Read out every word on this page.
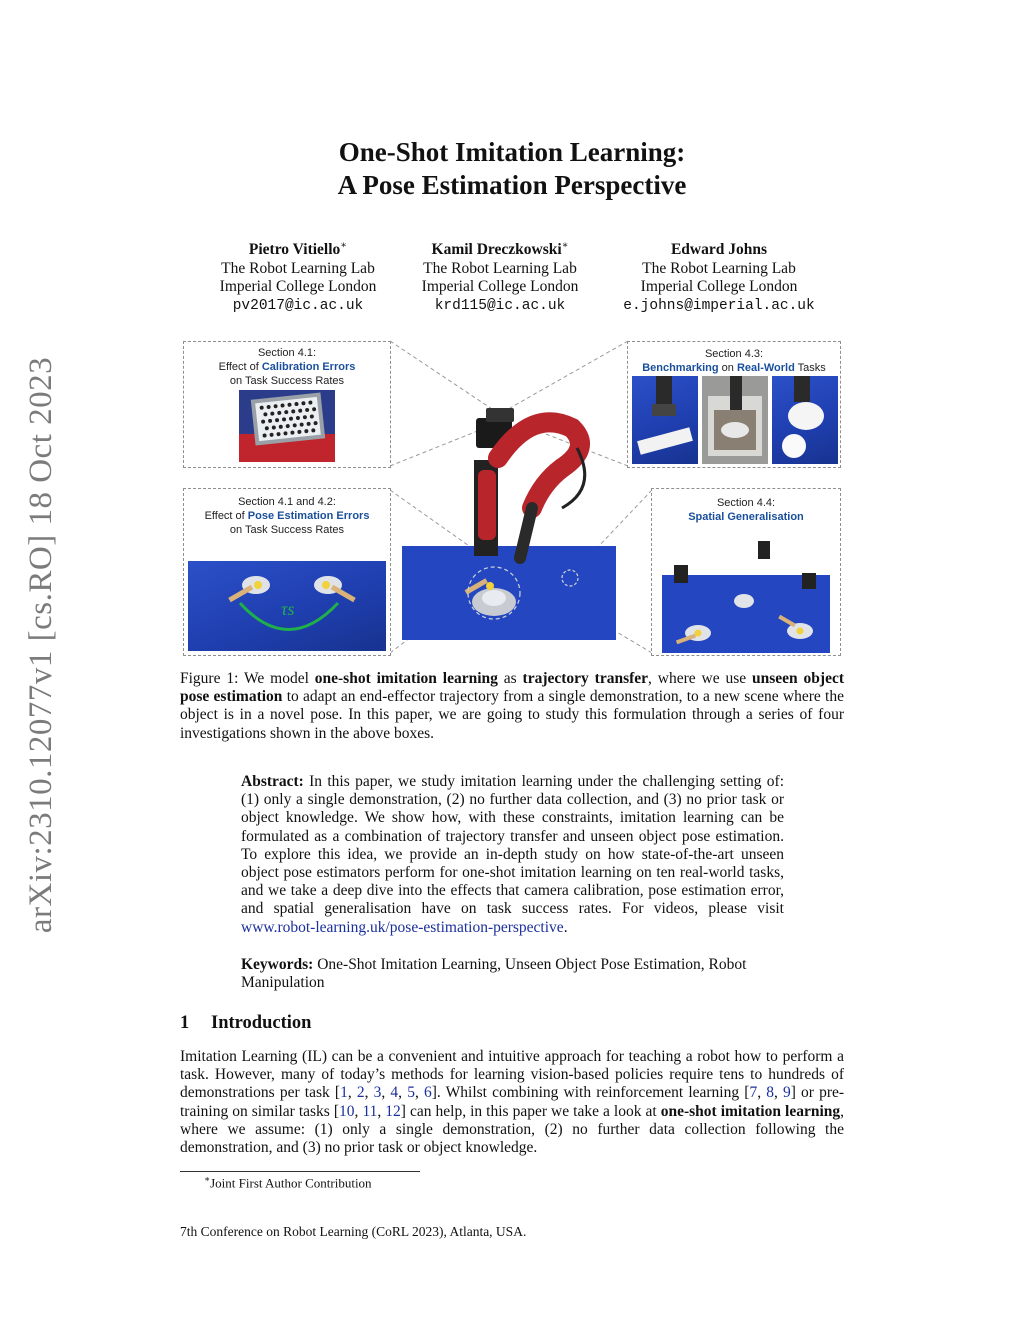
arXiv:2310.12077v1 [cs.RO] 18 Oct 2023
One-Shot Imitation Learning:
A Pose Estimation Perspective
Pietro Vitiello∗
The Robot Learning Lab
Imperial College London
pv2017@ic.ac.uk
Kamil Dreczkowski∗
The Robot Learning Lab
Imperial College London
krd115@ic.ac.uk
Edward Johns
The Robot Learning Lab
Imperial College London
e.johns@imperial.ac.uk
Section 4.1:
Effect of Calibration Errors
on Task Success Rates
Section 4.3:
Benchmarking on Real-World Tasks
Section 4.1 and 4.2:
Effect of Pose Estimation Errors
on Task Success Rates
τs
Section 4.4:
Spatial Generalisation
Figure 1: We model one-shot imitation learning as trajectory transfer, where we use unseen object pose estimation to adapt an end-effector trajectory from a single demonstration, to a new scene where the object is in a novel pose. In this paper, we are going to study this formulation through a series of four investigations shown in the above boxes.
Abstract: In this paper, we study imitation learning under the challenging setting of: (1) only a single demonstration, (2) no further data collection, and (3) no prior task or object knowledge. We show how, with these constraints, imitation learning can be formulated as a combination of trajectory transfer and unseen object pose estimation. To explore this idea, we provide an in-depth study on how state-of-the-art unseen object pose estimators perform for one-shot imitation learning on ten real-world tasks, and we take a deep dive into the effects that camera calibration, pose estimation error, and spatial generalisation have on task success rates. For videos, please visit www.robot-learning.uk/pose-estimation-perspective.
Keywords: One-Shot Imitation Learning, Unseen Object Pose Estimation, Robot Manipulation
1 Introduction
Imitation Learning (IL) can be a convenient and intuitive approach for teaching a robot how to perform a task. However, many of today’s methods for learning vision-based policies require tens to hundreds of demonstrations per task [1, 2, 3, 4, 5, 6]. Whilst combining with reinforcement learning [7, 8, 9] or pre-training on similar tasks [10, 11, 12] can help, in this paper we take a look at one-shot imitation learning, where we assume: (1) only a single demonstration, (2) no further data collection following the demonstration, and (3) no prior task or object knowledge.
∗Joint First Author Contribution
7th Conference on Robot Learning (CoRL 2023), Atlanta, USA.
